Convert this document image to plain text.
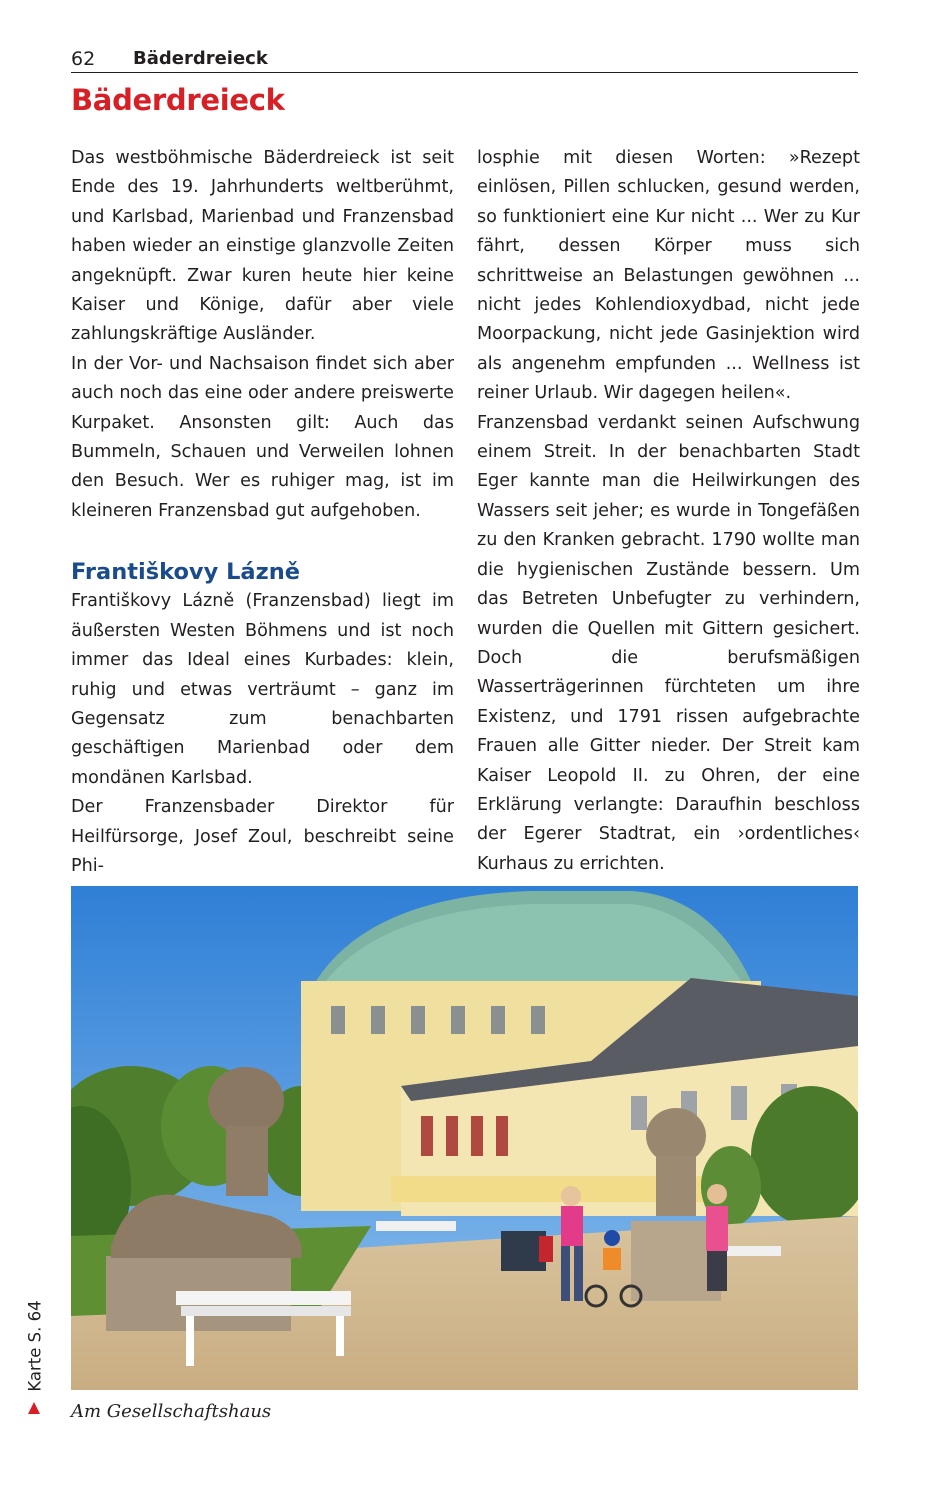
62 Bäderdreieck
Bäderdreieck

Das westböhmische Bäderdreieck ist seit Ende des 19. Jahrhunderts weltberühmt, und Karlsbad, Marienbad und Franzensbad haben wieder an einstige glanzvolle Zeiten angeknüpft. Zwar kuren heute hier keine Kaiser und Könige, dafür aber viele zahlungskräftige Ausländer.

In der Vor- und Nachsaison findet sich aber auch noch das eine oder andere preiswerte Kurpaket. Ansonsten gilt: Auch das Bummeln, Schauen und Verweilen lohnen den Besuch. Wer es ruhiger mag, ist im kleineren Franzensbad gut aufgehoben.

Františkovy Lázně

Františkovy Lázně (Franzensbad) liegt im äußersten Westen Böhmens und ist noch immer das Ideal eines Kurbades: klein, ruhig und etwas verträumt – ganz im Gegensatz zum benachbarten geschäftigen Marienbad oder dem mondänen Karlsbad.

Der Franzensbader Direktor für Heilfürsorge, Josef Zoul, beschreibt seine Phi-

losphie mit diesen Worten: »Rezept einlösen, Pillen schlucken, gesund werden, so funktioniert eine Kur nicht ... Wer zu Kur fährt, dessen Körper muss sich schrittweise an Belastungen gewöhnen ... nicht jedes Kohlendioxydbad, nicht jede Moorpackung, nicht jede Gasinjektion wird als angenehm empfunden ... Wellness ist reiner Urlaub. Wir dagegen heilen«.

Franzensbad verdankt seinen Aufschwung einem Streit. In der benachbarten Stadt Eger kannte man die Heilwirkungen des Wassers seit jeher; es wurde in Tongefäßen zu den Kranken gebracht. 1790 wollte man die hygienischen Zustände bessern. Um das Betreten Unbefugter zu verhindern, wurden die Quellen mit Gittern gesichert. Doch die berufsmäßigen Wasserträgerinnen fürchteten um ihre Existenz, und 1791 rissen aufgebrachte Frauen alle Gitter nieder. Der Streit kam Kaiser Leopold II. zu Ohren, der eine Erklärung verlangte: Daraufhin beschloss der Egerer Stadtrat, ein ›ordentliches‹ Kurhaus zu errichten.

Am Gesellschaftshaus
Karte S. 64
